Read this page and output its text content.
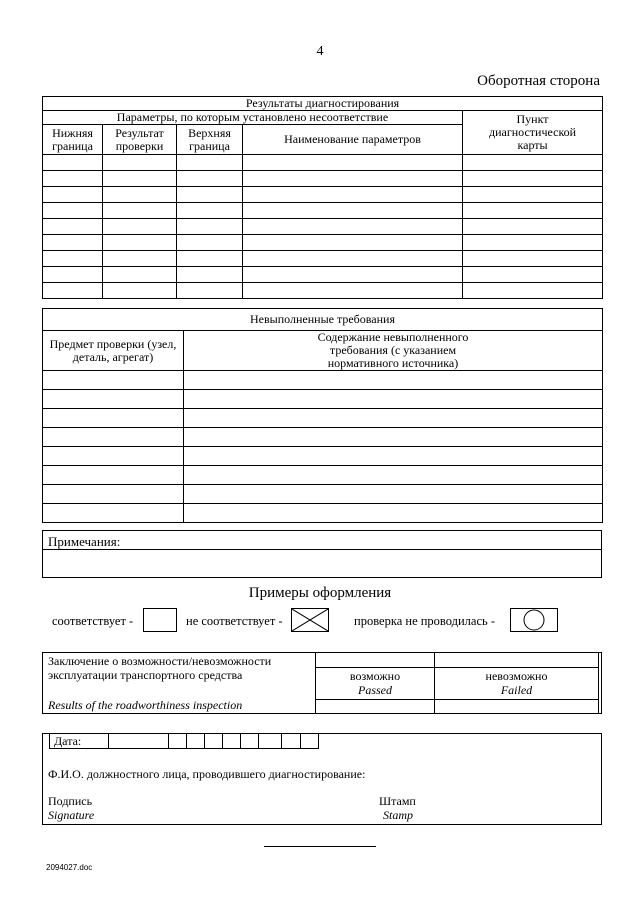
4
Оборотная сторона
Результаты диагностирования				
Параметры, по которым установлено несоответствие				Пункт диагностической карты
Нижняя граница	Результат проверки	Верхняя граница	Наименование параметров	

Невыполненные требования	
Предмет проверки (узел, деталь, агрегат)	Содержание невыполненного требования (с указанием нормативного источника)

Примечания:
Примеры оформления
соответствует -	не соответствует -	проверка не проводилась -
Заключение о возможности/невозможности
эксплуатации транспортного средства
Results of the roadworthiness inspection
возможно
Passed
невозможно
Failed
Дата:
Ф.И.О. должностного лица, проводившего диагностирование:
Подпись
Signature
Штамп
Stamp
2094027.doc
